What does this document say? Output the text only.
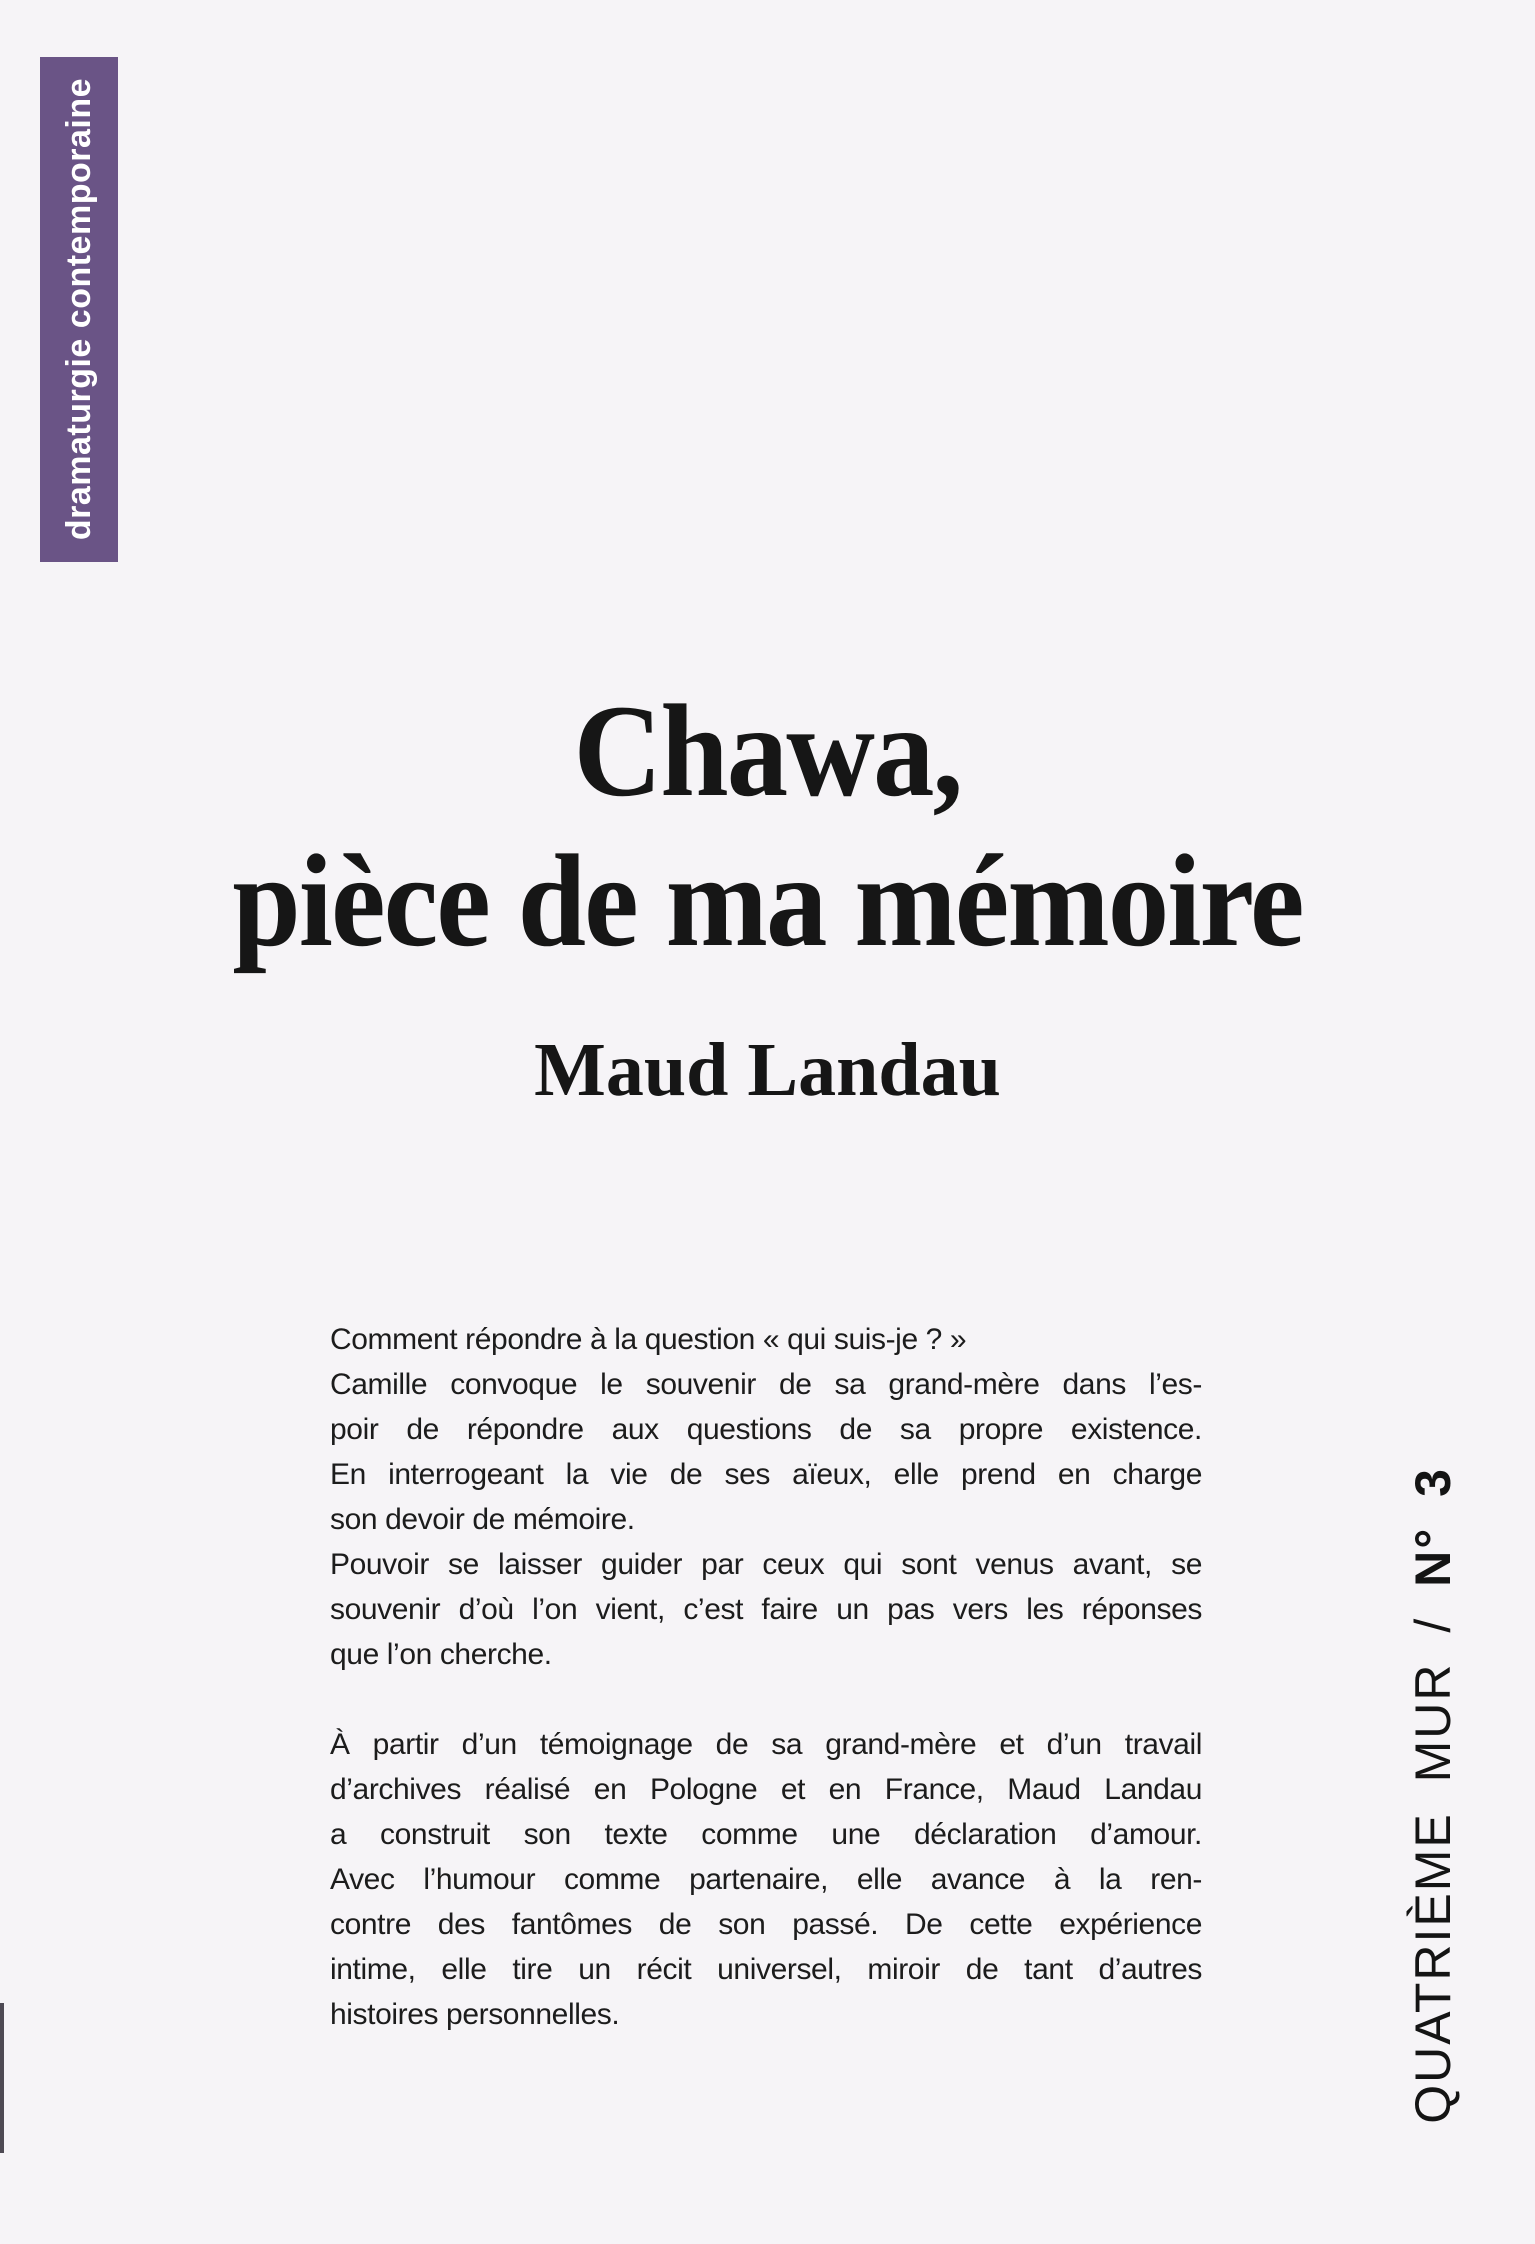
dramaturgie contemporaine
Chawa,
pièce de ma mémoire
Maud Landau
Comment répondre à la question « qui suis-je ? »
Camille convoque le souvenir de sa grand-mère dans l’es-
poir de répondre aux questions de sa propre existence.
En interrogeant la vie de ses aïeux, elle prend en charge
son devoir de mémoire.
Pouvoir se laisser guider par ceux qui sont venus avant, se
souvenir d’où l’on vient, c’est faire un pas vers les réponses
que l’on cherche.
À partir d’un témoignage de sa grand-mère et d’un travail
d’archives réalisé en Pologne et en France, Maud Landau
a construit son texte comme une déclaration d’amour.
Avec l’humour comme partenaire, elle avance à la ren-
contre des fantômes de son passé. De cette expérience
intime, elle tire un récit universel, miroir de tant d’autres
histoires personnelles.	QUATRIÈME MUR / N° 3
